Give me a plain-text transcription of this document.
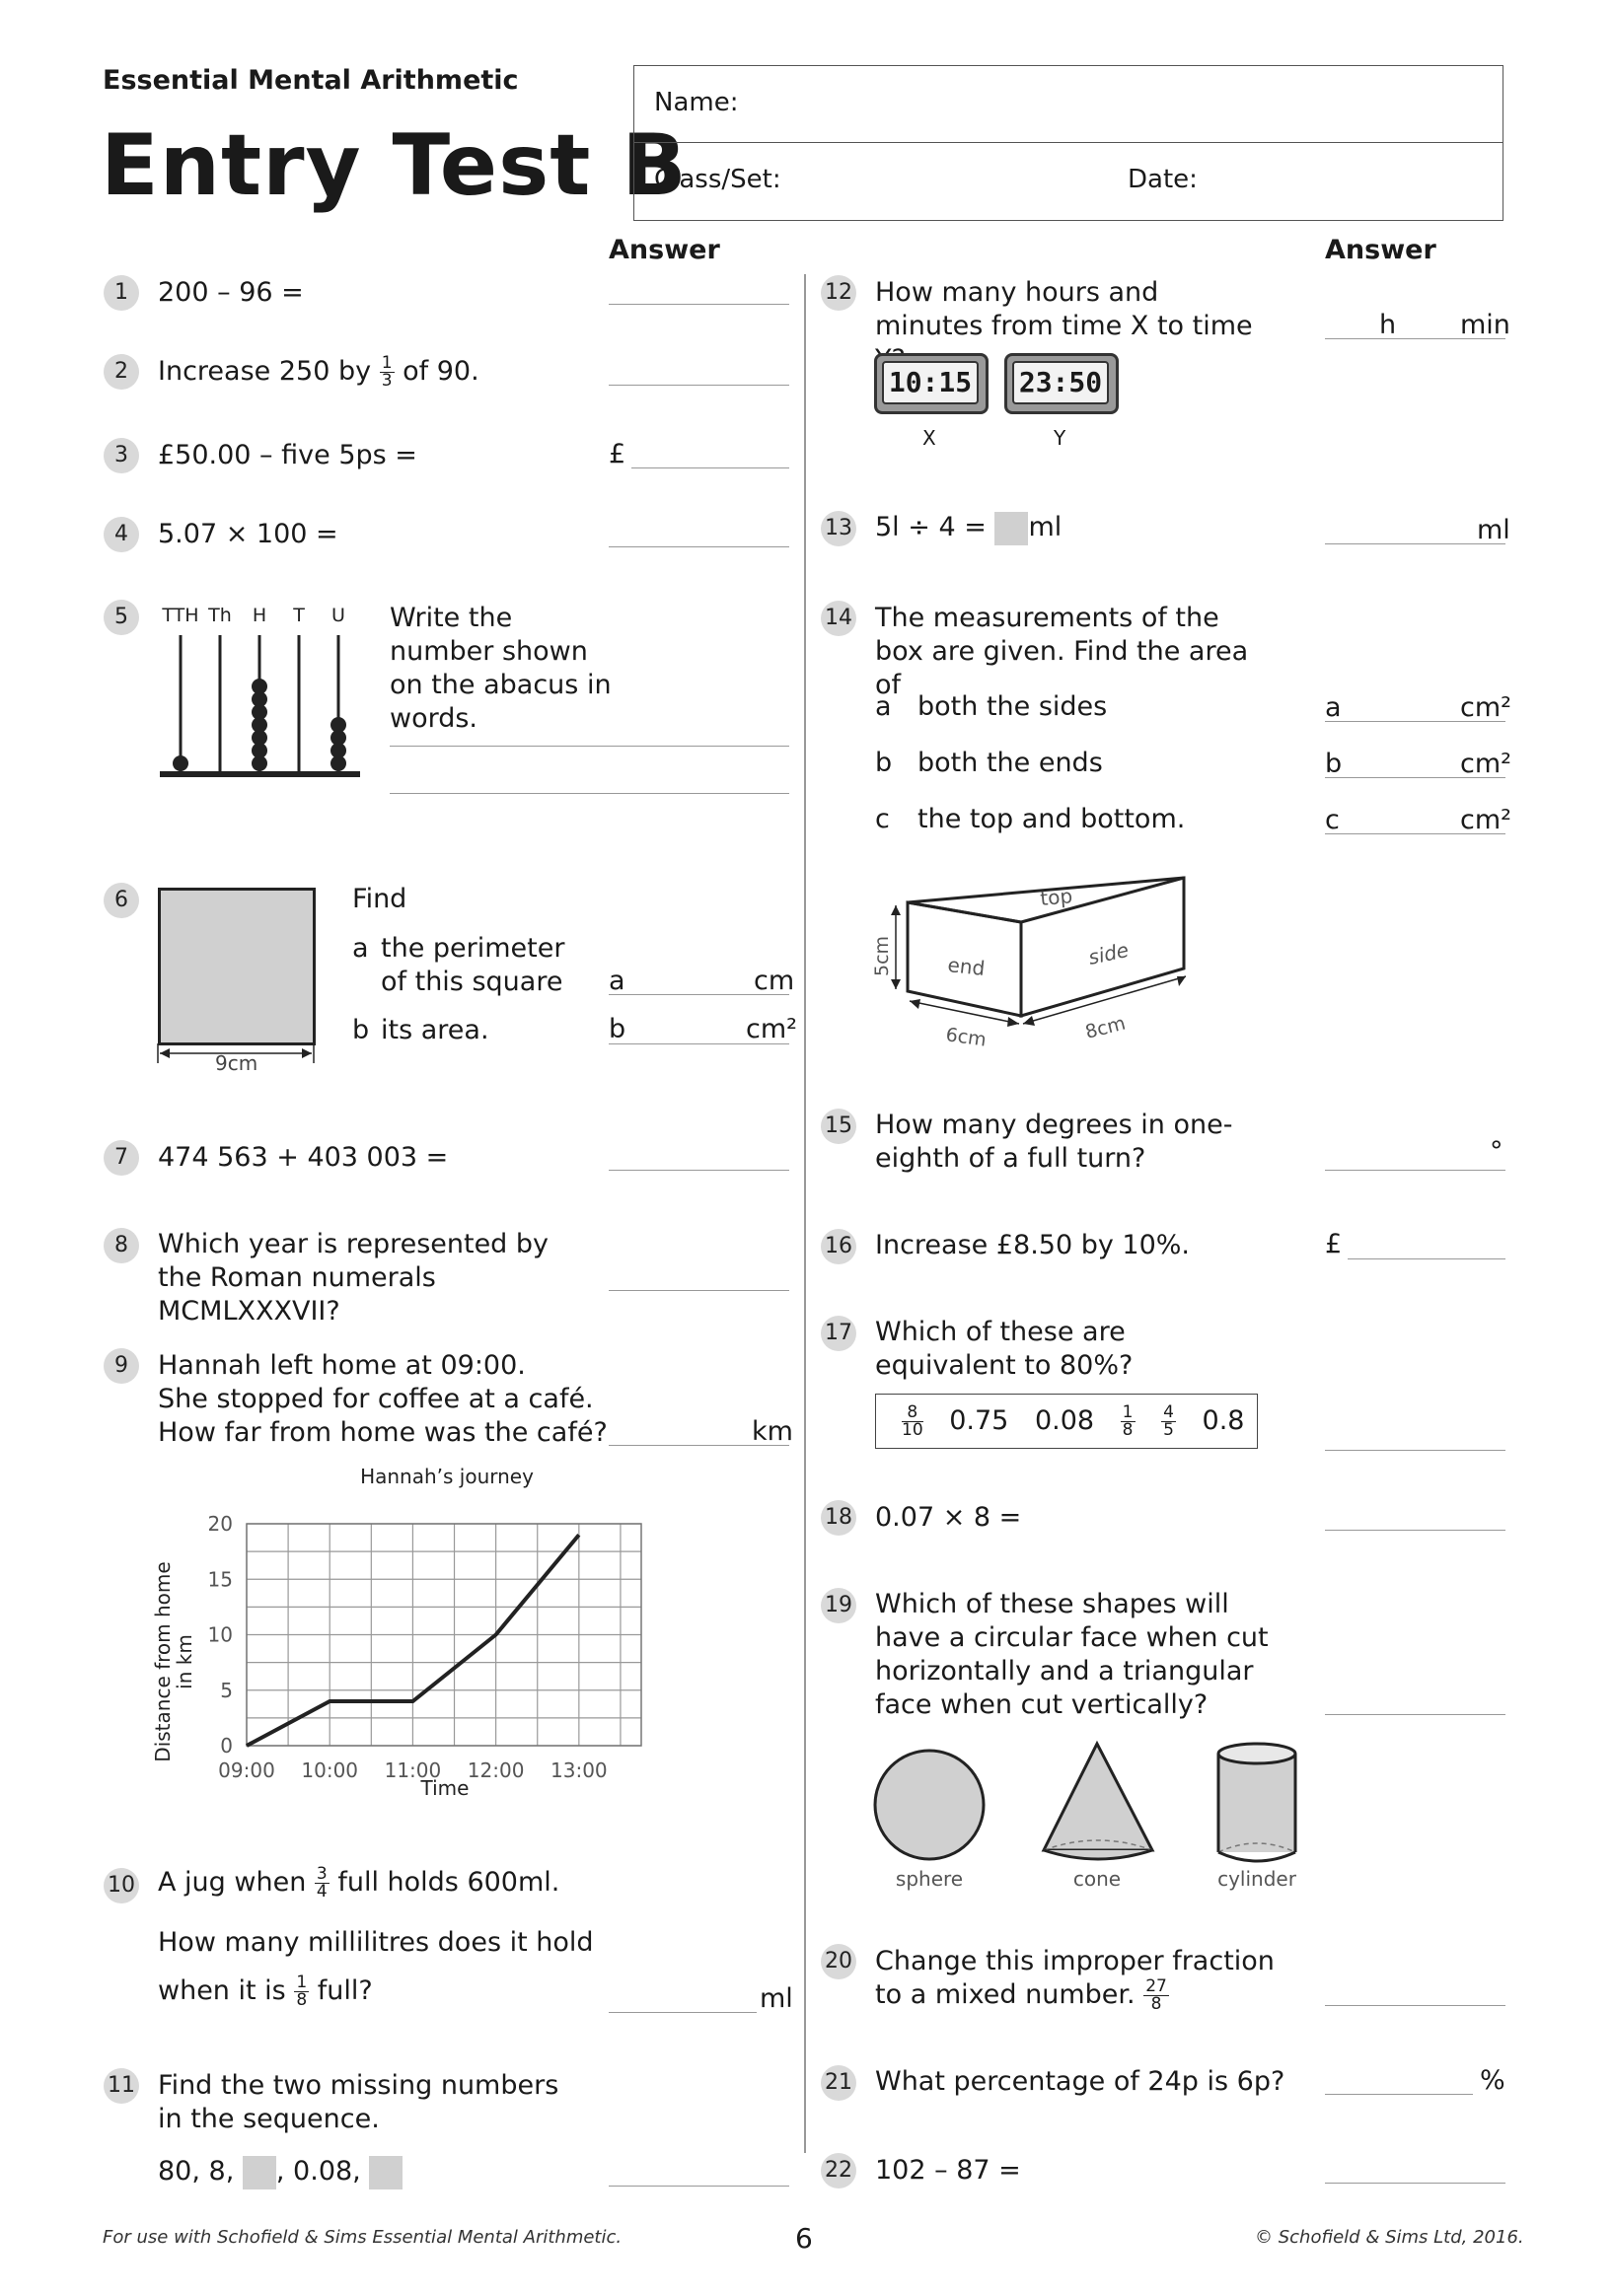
Essential Mental Arithmetic
Entry Test B
Name:
Class/Set:	Date:
Answer	Answer
1	200 – 96 =
2	Increase 250 by $\frac{1}{3}$ of 90.
3	£50.00 – five 5ps =	£
4	5.07 × 100 =
5	TTH Th H T U Write the number shown on the abacus in words.
6
9cm
Find
a the perimeter of this square
b its area.
a	cm
b	cm²
7	474 563 + 403 003 =
8	Which year is represented by the Roman numerals MCMLXXXVII?
9	Hannah left home at 09:00.
She stopped for coffee at a café.
How far from home was the café?	km
Hannah’s journey
Distance from homein km
0
5
10
15
20
09:00 10:00 11:00 12:00 13:00
Time
10 A jug when $\frac{3}{4}$ full holds 600ml.
How many millilitres does it hold
when it is $\frac{1}{8}$ full?	ml
11 Find the two missing numbers in the sequence.
80, 8, , 0.08,
12 How many hours and minutes from time X to time	h min
10:15 23:50
X	Y
13 5l ÷ 4 = ml	ml
14 The measurements of the box are given. Find the area of
a both the sides
b both the ends
c the top and bottom.
a	cm²
b	cm²
c	cm²
top
end	side
5cm
6cm	8cm
15 How many degrees in one-eighth of a full turn?	°
16 Increase £8.50 by 10%.	£
17 Which of these are equivalent to 80%?
$\frac{8}{10} 0.75$ $0.08 \frac{1}{8}$
$\frac{4}{5} 0.8$
18 0.07 × 8 =
19 Which of these shapes will have a circular face when cut horizontally and a triangular face when cut vertically?
sphere	cone	cylinder
20 Change this improper fraction to a mixed number. $\frac{27}{8}$
21 What percentage of 24p is 6p?	%
22 102 – 87 =
For use with Schofield & Sims Essential Mental Arithmetic.	6	© Schofield & Sims Ltd, 2016.
